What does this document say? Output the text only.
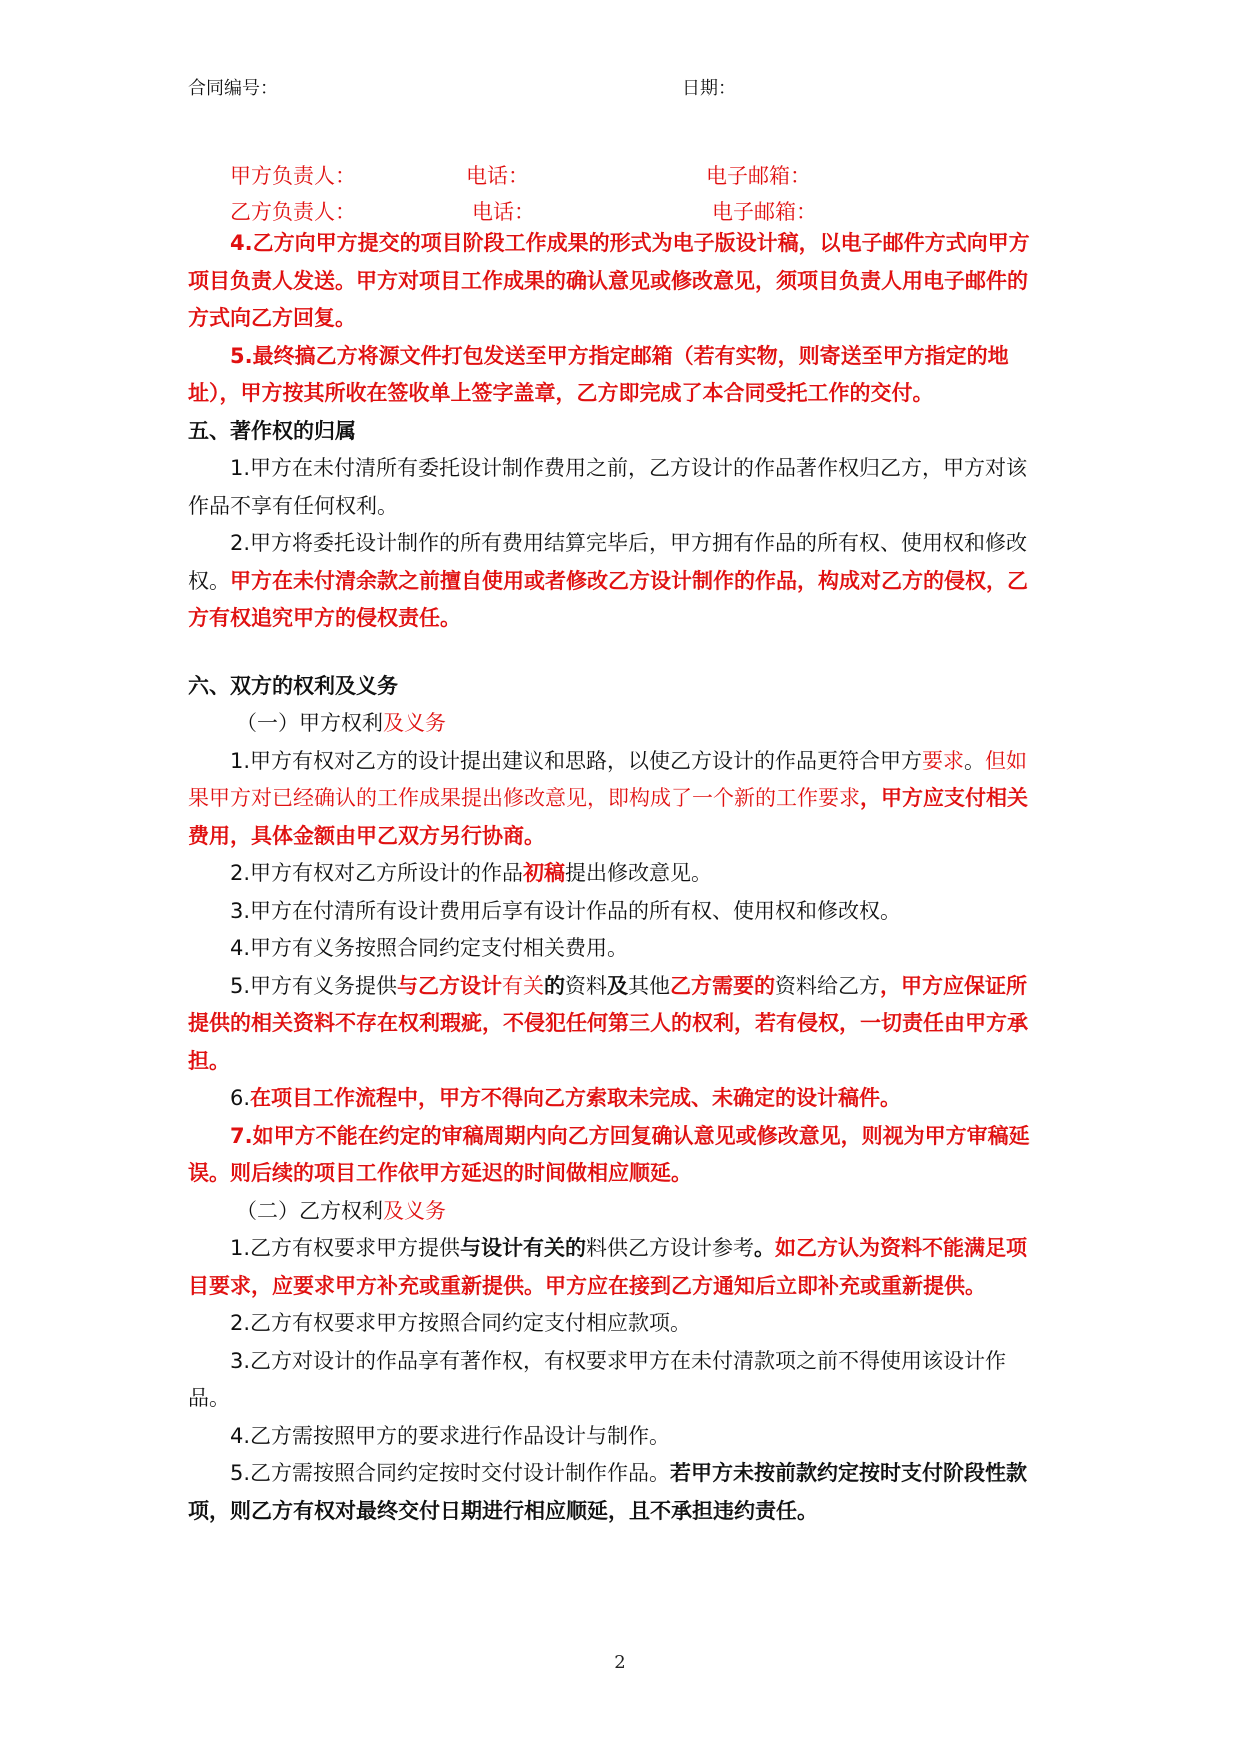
合同编号：	日期：
甲方负责人：	电话：	电子邮箱：
乙方负责人：	电话：	电子邮箱：

4.乙方向甲方提交的项目阶段工作成果的形式为电子版设计稿，以电子邮件方式向甲方项目负责人发送。甲方对项目工作成果的确认意见或修改意见，须项目负责人用电子邮件的方式向乙方回复。

5.最终搞乙方将源文件打包发送至甲方指定邮箱（若有实物，则寄送至甲方指定的地址），甲方按其所收在签收单上签字盖章，乙方即完成了本合同受托工作的交付。

五、著作权的归属

1.甲方在未付清所有委托设计制作费用之前，乙方设计的作品著作权归乙方，甲方对该作品不享有任何权利。

2.甲方将委托设计制作的所有费用结算完毕后，甲方拥有作品的所有权、使用权和修改权。甲方在未付清余款之前擅自使用或者修改乙方设计制作的作品，构成对乙方的侵权，乙方有权追究甲方的侵权责任。

六、双方的权利及义务

（一）甲方权利及义务

1.甲方有权对乙方的设计提出建议和思路，以使乙方设计的作品更符合甲方要求。但如果甲方对已经确认的工作成果提出修改意见，即构成了一个新的工作要求，甲方应支付相关费用，具体金额由甲乙双方另行协商。

2.甲方有权对乙方所设计的作品初稿提出修改意见。

3.甲方在付清所有设计费用后享有设计作品的所有权、使用权和修改权。

4.甲方有义务按照合同约定支付相关费用。

5.甲方有义务提供与乙方设计有关的资料及其他乙方需要的资料给乙方，甲方应保证所提供的相关资料不存在权利瑕疵，不侵犯任何第三人的权利，若有侵权，一切责任由甲方承担。

6.在项目工作流程中，甲方不得向乙方索取未完成、未确定的设计稿件。

7.如甲方不能在约定的审稿周期内向乙方回复确认意见或修改意见，则视为甲方审稿延误。则后续的项目工作依甲方延迟的时间做相应顺延。

（二）乙方权利及义务

1.乙方有权要求甲方提供与设计有关的料供乙方设计参考。如乙方认为资料不能满足项目要求，应要求甲方补充或重新提供。甲方应在接到乙方通知后立即补充或重新提供。

2.乙方有权要求甲方按照合同约定支付相应款项。

3.乙方对设计的作品享有著作权，有权要求甲方在未付清款项之前不得使用该设计作品。

4.乙方需按照甲方的要求进行作品设计与制作。

5.乙方需按照合同约定按时交付设计制作作品。若甲方未按前款约定按时支付阶段性款项，则乙方有权对最终交付日期进行相应顺延，且不承担违约责任。

2
